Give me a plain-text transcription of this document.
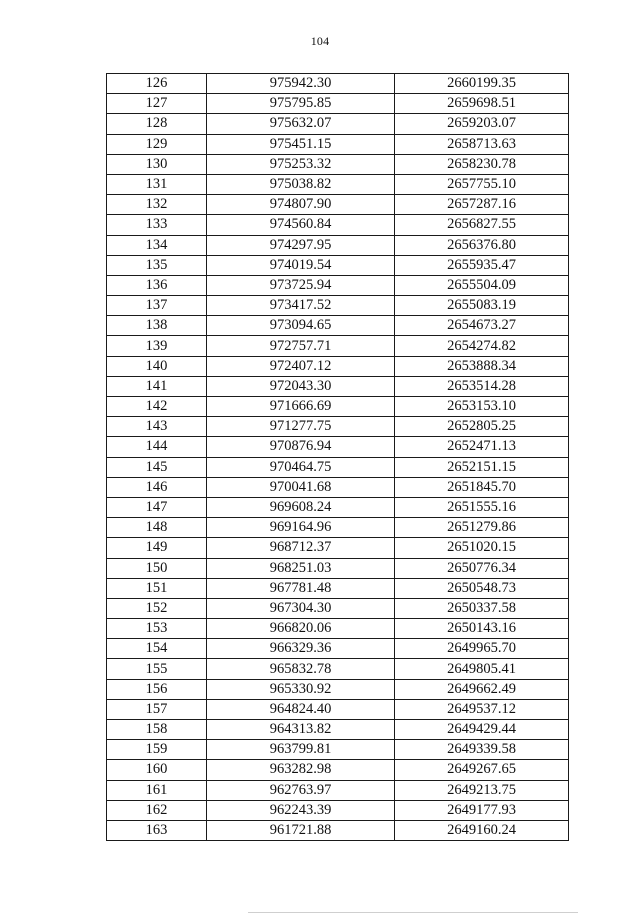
104
126	975942.30	2660199.35
127	975795.85	2659698.51
128	975632.07	2659203.07
129	975451.15	2658713.63
130	975253.32	2658230.78
131	975038.82	2657755.10
132	974807.90	2657287.16
133	974560.84	2656827.55
134	974297.95	2656376.80
135	974019.54	2655935.47
136	973725.94	2655504.09
137	973417.52	2655083.19
138	973094.65	2654673.27
139	972757.71	2654274.82
140	972407.12	2653888.34
141	972043.30	2653514.28
142	971666.69	2653153.10
143	971277.75	2652805.25
144	970876.94	2652471.13
145	970464.75	2652151.15
146	970041.68	2651845.70
147	969608.24	2651555.16
148	969164.96	2651279.86
149	968712.37	2651020.15
150	968251.03	2650776.34
151	967781.48	2650548.73
152	967304.30	2650337.58
153	966820.06	2650143.16
154	966329.36	2649965.70
155	965832.78	2649805.41
156	965330.92	2649662.49
157	964824.40	2649537.12
158	964313.82	2649429.44
159	963799.81	2649339.58
160	963282.98	2649267.65
161	962763.97	2649213.75
162	962243.39	2649177.93
163	961721.88	2649160.24
